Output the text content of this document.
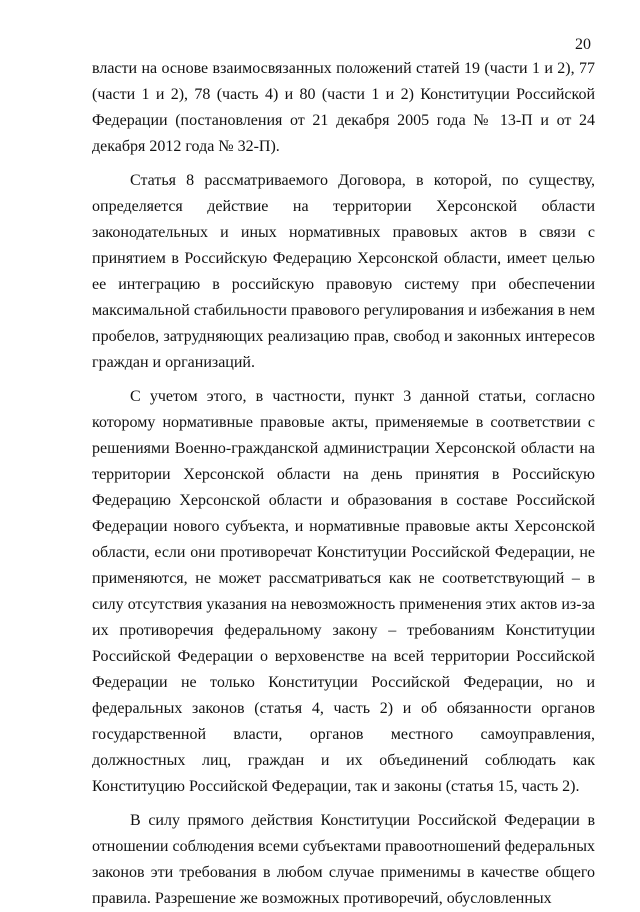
20

власти на основе взаимосвязанных положений статей 19 (части 1 и 2), 77 (части 1 и 2), 78 (часть 4) и 80 (части 1 и 2) Конституции Российской Федерации (постановления от 21 декабря 2005 года № 13-П и от 24 декабря 2012 года № 32-П).

Статья 8 рассматриваемого Договора, в которой, по существу, определяется действие на территории Херсонской области законодательных и иных нормативных правовых актов в связи с принятием в Российскую Федерацию Херсонской области, имеет целью ее интеграцию в российскую правовую систему при обеспечении максимальной стабильности правового регулирования и избежания в нем пробелов, затрудняющих реализацию прав, свобод и законных интересов граждан и организаций.

С учетом этого, в частности, пункт 3 данной статьи, согласно которому нормативные правовые акты, применяемые в соответствии с решениями Военно-гражданской администрации Херсонской области на территории Херсонской области на день принятия в Российскую Федерацию Херсонской области и образования в составе Российской Федерации нового субъекта, и нормативные правовые акты Херсонской области, если они противоречат Конституции Российской Федерации, не применяются, не может рассматриваться как не соответствующий – в силу отсутствия указания на невозможность применения этих актов из-за их противоречия федеральному закону – требованиям Конституции Российской Федерации о верховенстве на всей территории Российской Федерации не только Конституции Российской Федерации, но и федеральных законов (статья 4, часть 2) и об обязанности органов государственной власти, органов местного самоуправления, должностных лиц, граждан и их объединений соблюдать как Конституцию Российской Федерации, так и законы (статья 15, часть 2).

В силу прямого действия Конституции Российской Федерации в отношении соблюдения всеми субъектами правоотношений федеральных законов эти требования в любом случае применимы в качестве общего правила. Разрешение же возможных противоречий, обусловленных
